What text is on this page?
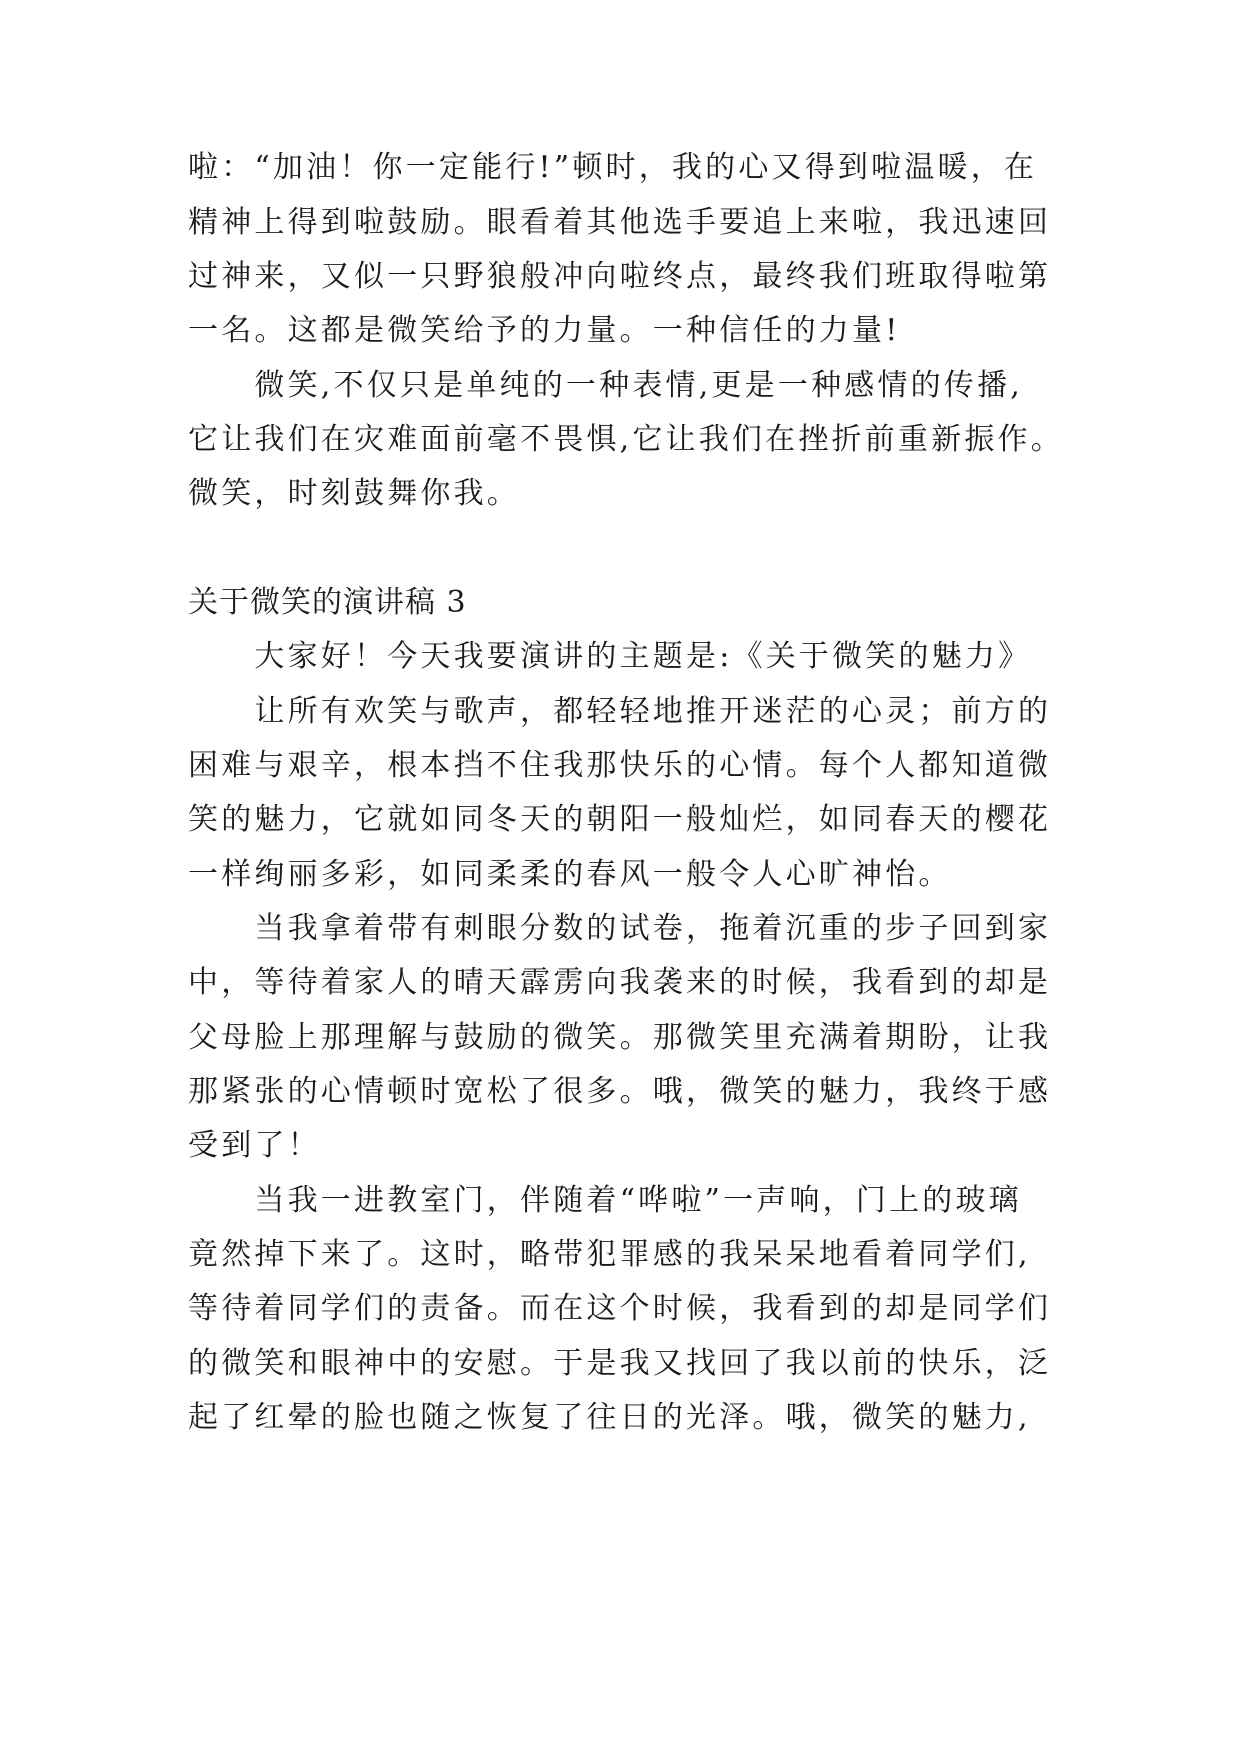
啦：“加油！你一定能行!”顿时，我的心又得到啦温暖，在
精神上得到啦鼓励。眼看着其他选手要追上来啦，我迅速回
过神来，又似一只野狼般冲向啦终点，最终我们班取得啦第
一名。这都是微笑给予的力量。一种信任的力量!
　　微笑,不仅只是单纯的一种表情,更是一种感情的传播,
它让我们在灾难面前毫不畏惧,它让我们在挫折前重新振作。
微笑，时刻鼓舞你我。
关于微笑的演讲稿 3
　　大家好！今天我要演讲的主题是:《关于微笑的魅力》
　　让所有欢笑与歌声，都轻轻地推开迷茫的心灵；前方的
困难与艰辛，根本挡不住我那快乐的心情。每个人都知道微
笑的魅力，它就如同冬天的朝阳一般灿烂，如同春天的樱花
一样绚丽多彩，如同柔柔的春风一般令人心旷神怡。
　　当我拿着带有刺眼分数的试卷，拖着沉重的步子回到家
中，等待着家人的晴天霹雳向我袭来的时候，我看到的却是
父母脸上那理解与鼓励的微笑。那微笑里充满着期盼，让我
那紧张的心情顿时宽松了很多。哦，微笑的魅力，我终于感
受到了！
　　当我一进教室门，伴随着“哗啦”一声响，门上的玻璃
竟然掉下来了。这时，略带犯罪感的我呆呆地看着同学们,
等待着同学们的责备。而在这个时候，我看到的却是同学们
的微笑和眼神中的安慰。于是我又找回了我以前的快乐，泛
起了红晕的脸也随之恢复了往日的光泽。哦，微笑的魅力,
